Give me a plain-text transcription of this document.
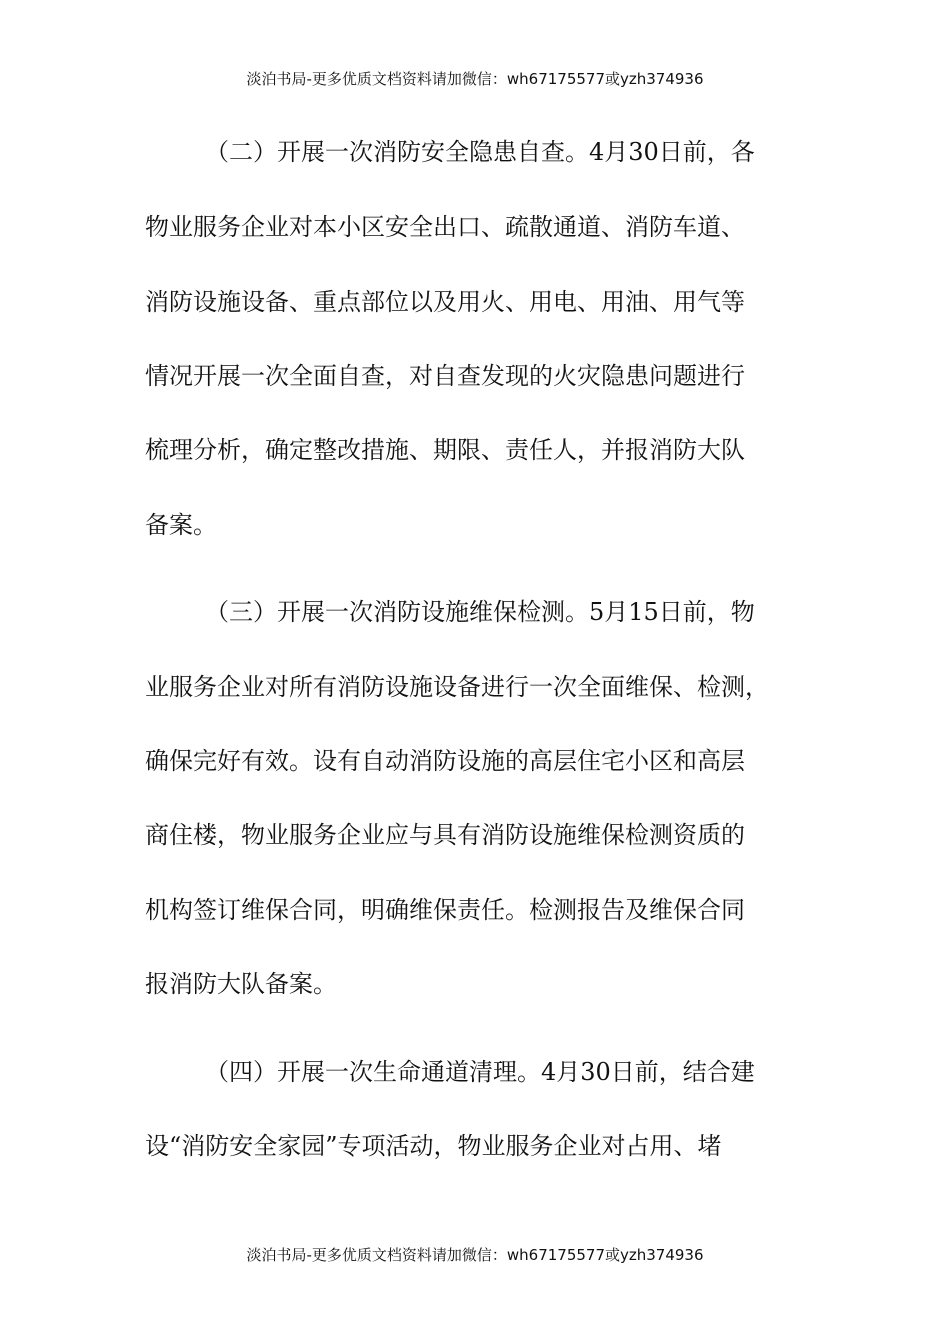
淡泊书局-更多优质文档资料请加微信：wh67175577或yzh374936
（二）开展一次消防安全隐患自查。4月30日前，各
物业服务企业对本小区安全出口、疏散通道、消防车道、
消防设施设备、重点部位以及用火、用电、用油、用气等
情况开展一次全面自查，对自查发现的火灾隐患问题进行
梳理分析，确定整改措施、期限、责任人，并报消防大队
备案。
（三）开展一次消防设施维保检测。5月15日前，物
业服务企业对所有消防设施设备进行一次全面维保、检测，
确保完好有效。设有自动消防设施的高层住宅小区和高层
商住楼，物业服务企业应与具有消防设施维保检测资质的
机构签订维保合同，明确维保责任。检测报告及维保合同
报消防大队备案。
（四）开展一次生命通道清理。4月30日前，结合建
设“消防安全家园”专项活动，物业服务企业对占用、堵
淡泊书局-更多优质文档资料请加微信：wh67175577或yzh374936
